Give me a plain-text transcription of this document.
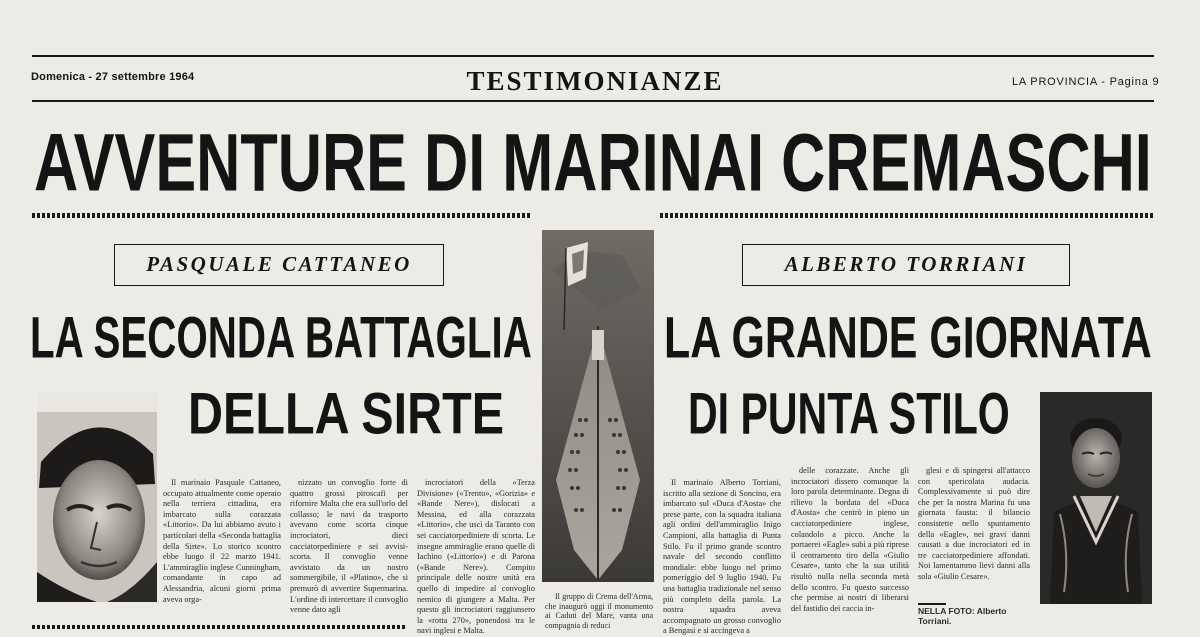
Domenica - 27 settembre 1964	TESTIMONIANZE	LA PROVINCIA - Pagina 9
AVVENTURE DI MARINAI CREMASCHI
PASQUALE CATTANEO
LA SECONDA BATTAGLIA
DELLA SIRTE

Il marinaio Pasquale Cattaneo, occupato attualmente come operaio nella terriera cittadina, era imbarcato sulla corazzata «Littorio». Da lui abbiamo avuto i particolari della «Seconda battaglia della Sirte». Lo storico scontro ebbe luogo il 22 marzo 1941. L'ammiraglio inglese Cunningham, comandante in capo ad Alessandria, alcuni giorni prima aveva orga-

nizzato un convoglio forte di quattro grossi piroscafi per rifornire Malta che era sull'orlo del collasso; le navi da trasporto avevano come scorta cinque incrociatori, dieci cacciatorpediniere e sei avvisi-scorta. Il convoglio venne avvistato da un nostro sommergibile, il «Platino», che si premurò di avvertire Supermarina. L'ordine di intercettare il convoglio venne dato agli

incrociatori della «Terza Divisione» («Trento», «Gorizia» e «Bande Nere»), dislocati a Messina, ed alla corazzata «Littorio», che uscì da Taranto con sei cacciatorpediniere di scorta. Le insegne ammiraglie erano quelle di Iachino («Littorio») e di Parona («Bande Nere»). Compito principale delle nostre unità era quello di impedire al convoglio nemico di giungere a Malta. Per questo gli incrociatori raggiunsero la «rotta 270», ponendosi tra le navi inglesi e Malta.

Il gruppo di Crema dell'Arma, che inaugurò oggi il monumento ai Caduti del Mare, vanta una compagnia di reduci

ALBERTO TORRIANI
LA GRANDE GIORNATA
DI PUNTA STILO

Il marinaio Alberto Torriani, iscritto alla sezione di Soncino, era imbarcato sul «Duca d'Aosta» che prese parte, con la squadra italiana agli ordini dell'ammiraglio Inigo Campioni, alla battaglia di Punta Stilo. Fu il primo grande scontro navale del secondo conflitto mondiale: ebbe luogo nel primo pomeriggio del 9 luglio 1940. Fu una battaglia tradizionale nel senso più completo della parola. La nostra squadra aveva accompagnato un grosso convoglio a Bengasi e si accingeva a

delle corazzate. Anche gli incrociatori dissero comunque la loro parola determinante. Degna di rilievo la bordata del «Duca d'Aosta» che centrò in pieno un cacciatorpediniere inglese, colandolo a picco. Anche la portaerei «Eagle» subì a più riprese il centramento tiro della «Giulio Cesare», tanto che la sua utilità risultò nulla nella seconda metà dello scontro. Fu questo successo che permise ai nostri di liberarsi del fastidio dei caccia in-

glesi e di spingersi all'attacco con spericolata audacia. Complessivamente si può dire che per la nostra Marina fu una giornata fausta: il bilancio consistette nello spuntamento della «Eagle», nei gravi danni causati a due incrociatori ed in tre cacciatorpediniere affondati. Noi lamentammo lievi danni alla sola «Giulio Cesare».

NELLA FOTO: Alberto Torriani.
